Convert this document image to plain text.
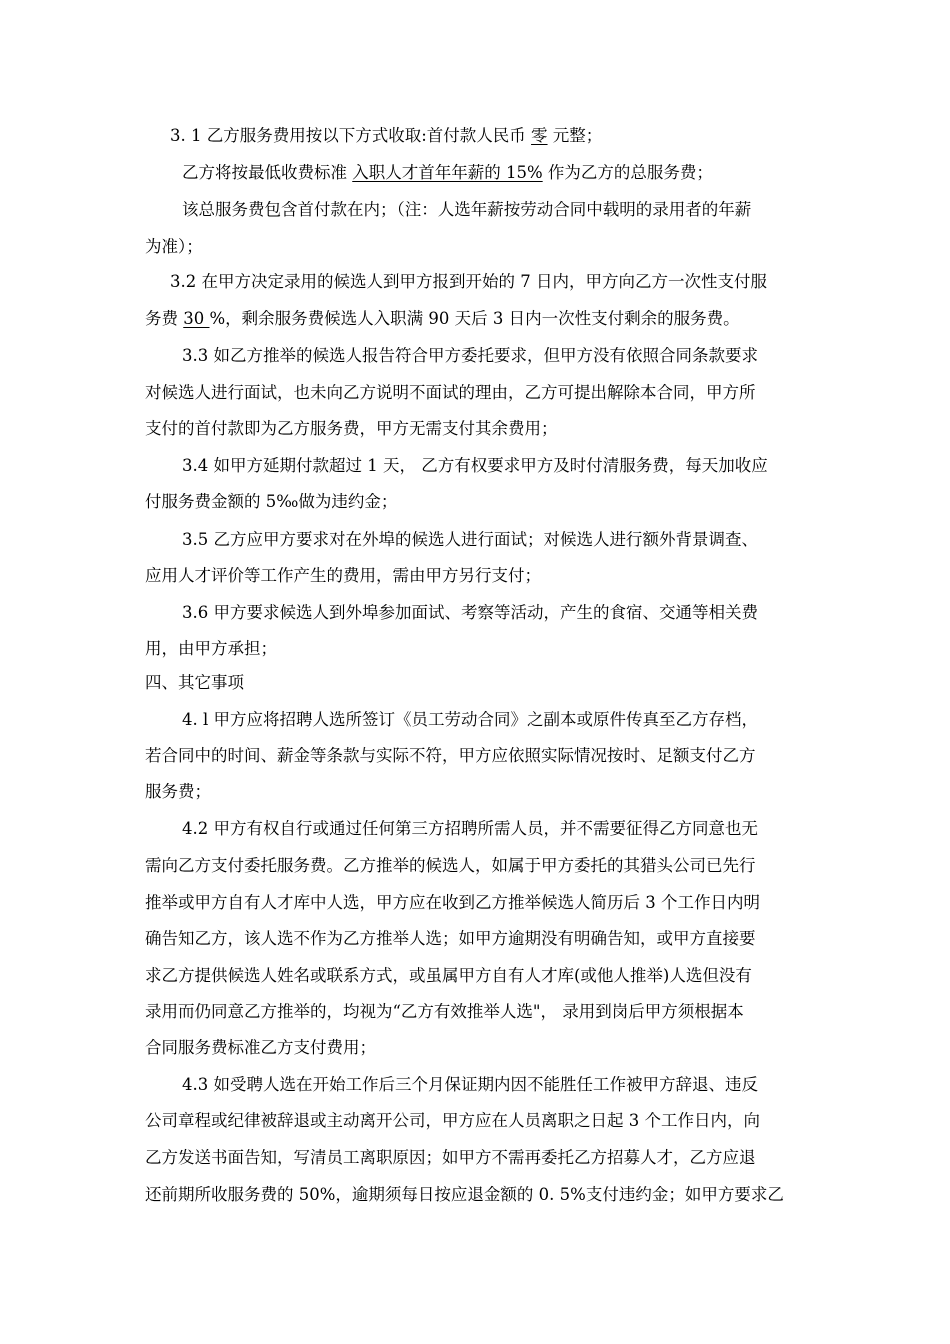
3. 1 乙方服务费用按以下方式收取:首付款人民币 零 元整；
乙方将按最低收费标准 入职人才首年年薪的 15% 作为乙方的总服务费；
该总服务费包含首付款在内；（注：人选年薪按劳动合同中载明的录用者的年薪
为准）；
3.2 在甲方决定录用的候选人到甲方报到开始的 7 日内，甲方向乙方一次性支付服
务费 30 %，剩余服务费候选人入职满 90 天后 3 日内一次性支付剩余的服务费。
3.3 如乙方推举的候选人报告符合甲方委托要求，但甲方没有依照合同条款要求
对候选人进行面试，也未向乙方说明不面试的理由，乙方可提出解除本合同，甲方所
支付的首付款即为乙方服务费，甲方无需支付其余费用；
3.4 如甲方延期付款超过 1 天， 乙方有权要求甲方及时付清服务费，每天加收应
付服务费金额的 5‰做为违约金；
3.5 乙方应甲方要求对在外埠的候选人进行面试；对候选人进行额外背景调查、
应用人才评价等工作产生的费用，需由甲方另行支付；
3.6 甲方要求候选人到外埠参加面试、考察等活动，产生的食宿、交通等相关费
用，由甲方承担；
四、其它事项
4. l 甲方应将招聘人选所签订《员工劳动合同》之副本或原件传真至乙方存档，
若合同中的时间、薪金等条款与实际不符，甲方应依照实际情况按时、足额支付乙方
服务费；
4.2 甲方有权自行或通过任何第三方招聘所需人员，并不需要征得乙方同意也无
需向乙方支付委托服务费。乙方推举的候选人，如属于甲方委托的其猎头公司已先行
推举或甲方自有人才库中人选，甲方应在收到乙方推举候选人简历后 3 个工作日内明
确告知乙方，该人选不作为乙方推举人选；如甲方逾期没有明确告知，或甲方直接要
求乙方提供候选人姓名或联系方式，或虽属甲方自有人才库(或他人推举)人选但没有
录用而仍同意乙方推举的，均视为“乙方有效推举人选"， 录用到岗后甲方须根据本
合同服务费标准乙方支付费用；
4.3 如受聘人选在开始工作后三个月保证期内因不能胜任工作被甲方辞退、违反
公司章程或纪律被辞退或主动离开公司，甲方应在人员离职之日起 3 个工作日内，向
乙方发送书面告知，写清员工离职原因；如甲方不需再委托乙方招募人才，乙方应退
还前期所收服务费的 50%，逾期须每日按应退金额的 0. 5%支付违约金；如甲方要求乙
